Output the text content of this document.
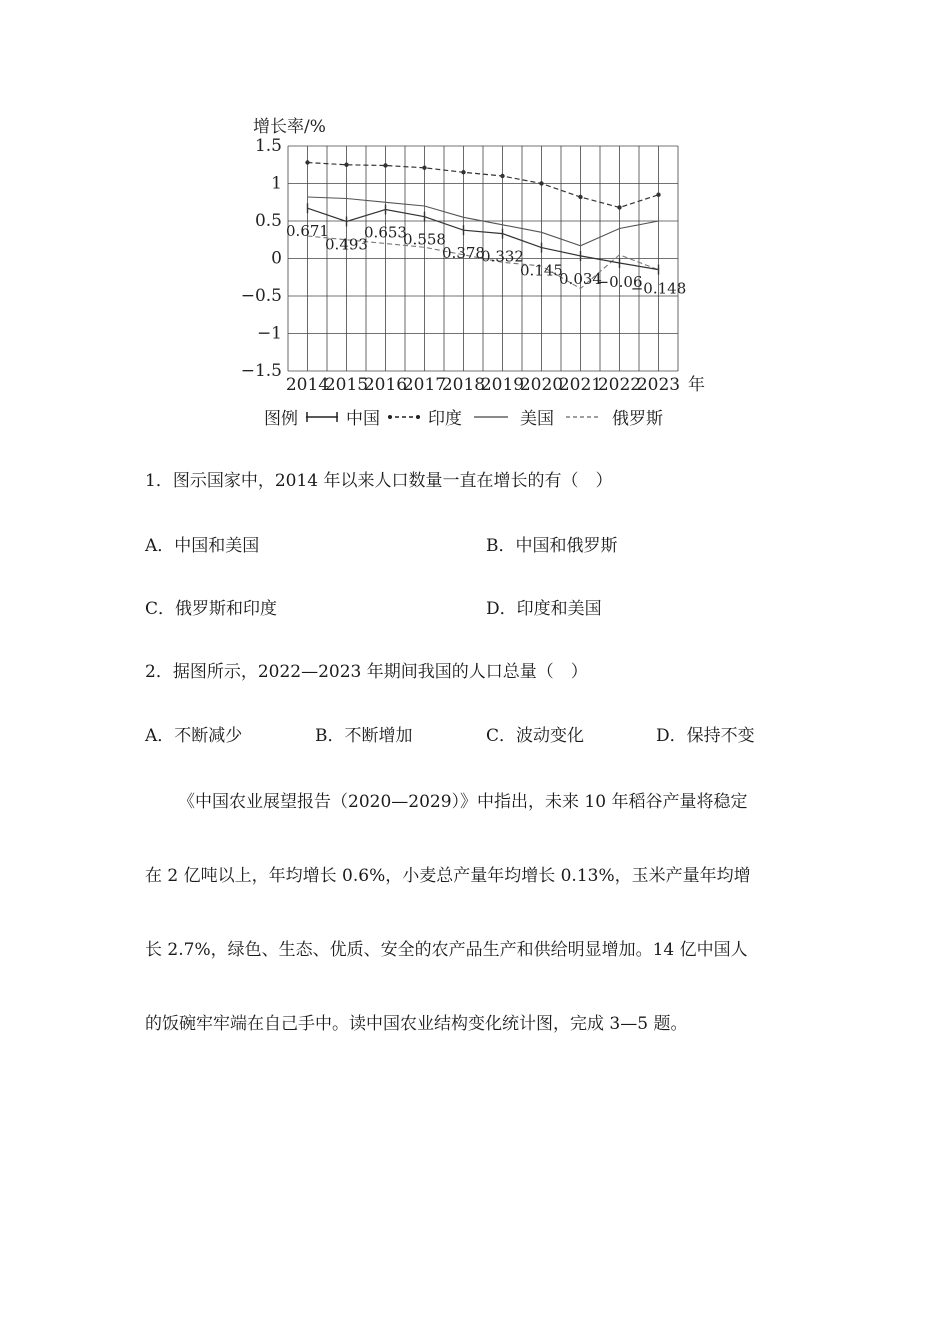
1.5
1
0.5
0
−0.5
−1
−1.5
增长率/%
2014
2015
2016
2017
2018
2019
2020
2021
2022
2023 年
0.671
0.493
0.653
0.558
0.378
0.332
0.145
0.034
−0.06
−0.148
图例	中国	印度	美国	俄罗斯
1．图示国家中，2014 年以来人口数量一直在增长的有（　）
A．中国和美国	B．中国和俄罗斯
C．俄罗斯和印度	D．印度和美国
2．据图所示，2022—2023 年期间我国的人口总量（　）
A．不断减少	B．不断增加	C．波动变化	D．保持不变
《中国农业展望报告（2020—2029）》中指出，未来 10 年稻谷产量将稳定
在 2 亿吨以上，年均增长 0.6%，小麦总产量年均增长 0.13%，玉米产量年均增
长 2.7%，绿色、生态、优质、安全的农产品生产和供给明显增加。14 亿中国人
的饭碗牢牢端在自己手中。读中国农业结构变化统计图，完成 3—5 题。
